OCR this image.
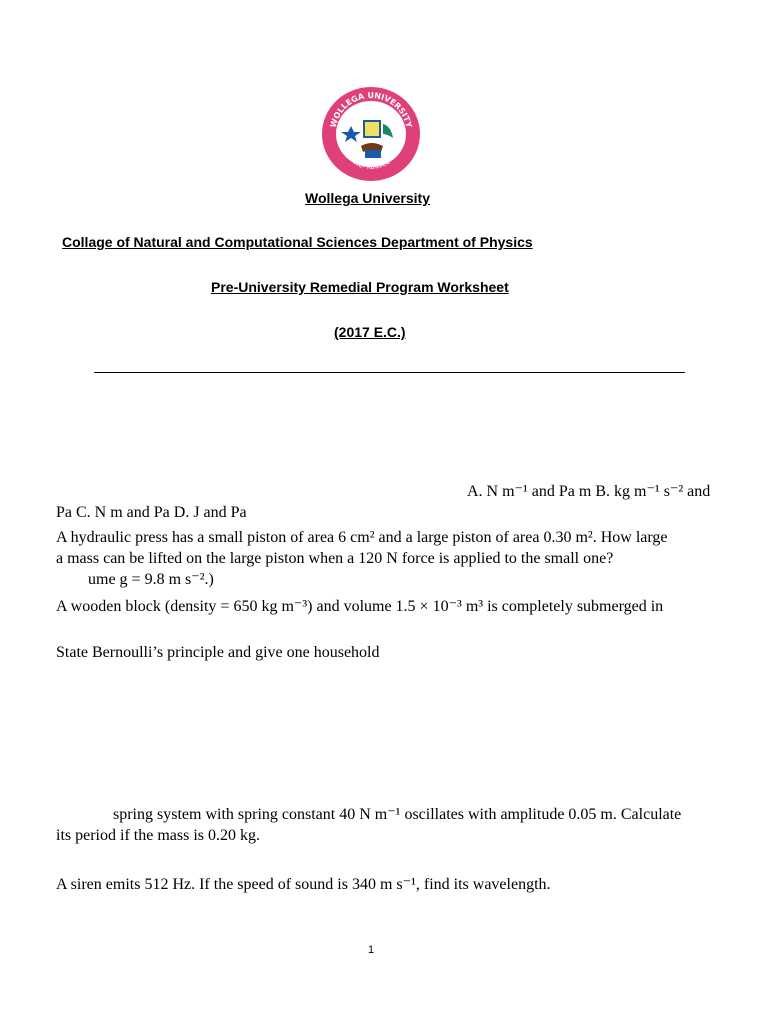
WOLLEGA UNIVERSITY
ወለጋ ዩኒቨርሲቲ
Wollega University
Collage of Natural and Computational Sciences Department of Physics
Pre-University Remedial Program Worksheet
(2017 E.C.)
A. N m⁻¹ and Pa m B. kg m⁻¹ s⁻² and
Pa C. N m and Pa D. J and Pa
A hydraulic press has a small piston of area 6 cm² and a large piston of area 0.30 m². How large
a mass can be lifted on the large piston when a 120 N force is applied to the small one?
ume g = 9.8 m s⁻².)
A wooden block (density = 650 kg m⁻³) and volume 1.5 × 10⁻³ m³ is completely submerged in
State Bernoulli’s principle and give one household
spring system with spring constant 40 N m⁻¹ oscillates with amplitude 0.05 m. Calculate
its period if the mass is 0.20 kg.
A siren emits 512 Hz. If the speed of sound is 340 m s⁻¹, find its wavelength.
1
